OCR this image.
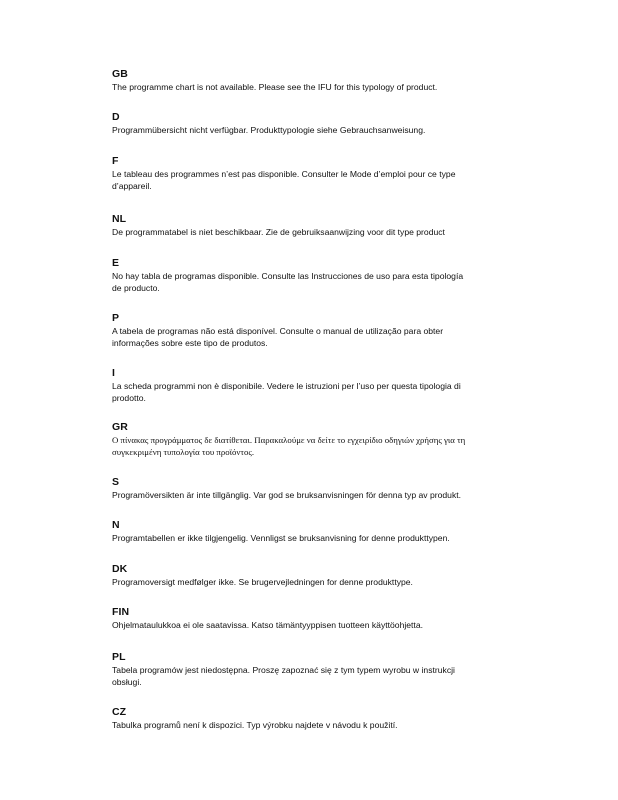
GB

The programme chart is not available. Please see the IFU for this typology of product.

D

Programmübersicht nicht verfügbar. Produkttypologie siehe Gebrauchsanweisung.

F

Le tableau des programmes n’est pas disponible. Consulter le Mode d’emploi pour ce type
d’appareil.

NL

De programmatabel is niet beschikbaar. Zie de gebruiksaanwijzing voor dit type product

E

No hay tabla de programas disponible. Consulte las Instrucciones de uso para esta tipología
de producto.

P

A tabela de programas não está disponível. Consulte o manual de utilização para obter
informações sobre este tipo de produtos.

I

La scheda programmi non è disponibile. Vedere le istruzioni per l’uso per questa tipologia di
prodotto.

GR

Ο πίνακας προγράμματος δε διατίθεται. Παρακαλούμε να δείτε το εγχειρίδιο οδηγιών χρήσης για τη
συγκεκριμένη τυπολογία του προϊόντος.

S

Programöversikten är inte tillgänglig. Var god se bruksanvisningen för denna typ av produkt.

N

Programtabellen er ikke tilgjengelig. Vennligst se bruksanvisning for denne produkttypen.

DK

Programoversigt medfølger ikke. Se brugervejledningen for denne produkttype.

FIN

Ohjelmataulukkoa ei ole saatavissa. Katso tämäntyyppisen tuotteen käyttöohjetta.

PL

Tabela programów jest niedostępna. Proszę zapoznać się z tym typem wyrobu w instrukcji
obsługi.

CZ

Tabulka programů není k dispozici. Typ výrobku najdete v návodu k použití.
